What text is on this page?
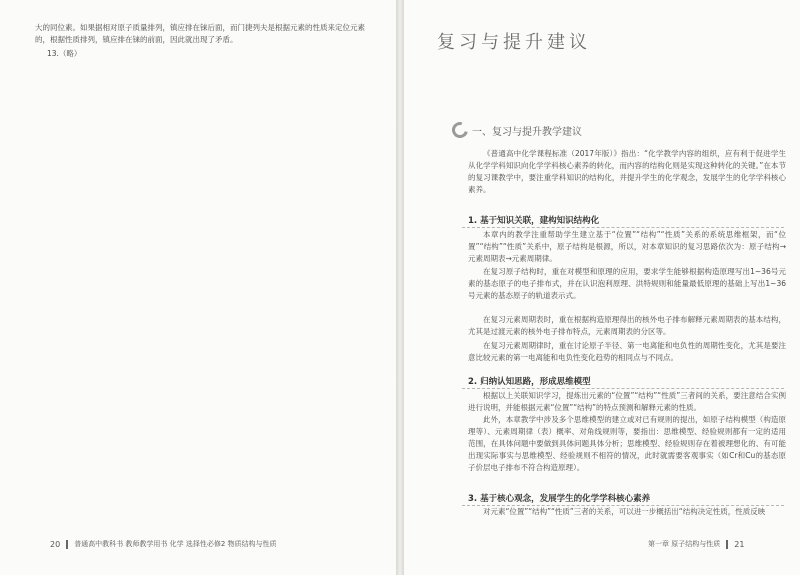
大的同位素。如果据相对原子质量排列，镇应排在铼后面，而门捷列夫是根据元素的性质来定位元素的，根据性质排列，镇应排在铼的前面，因此就出现了矛盾。

13.（略）

20 普通高中教科书 教师教学用书 化学 选择性必修2 物质结构与性质
复习与提升建议
一、复习与提升教学建议

《普通高中化学课程标准（2017年版）》指出：“化学教学内容的组织，应有利于促进学生从化学学科知识向化学学科核心素养的转化，而内容的结构化则是实现这种转化的关键。”在本节的复习课教学中，要注重学科知识的结构化，并提升学生的化学观念，发展学生的化学学科核心素养。

1. 基于知识关联，建构知识结构化

本章内的教学注重帮助学生建立基于“位置”“结构”“性质”关系的系统思维框架，而“位置”“结构”“性质”关系中，原子结构是根源，所以，对本章知识的复习思路依次为：原子结构→元素周期表→元素周期律。

在复习原子结构时，重在对模型和原理的应用，要求学生能够根据构造原理写出1~36号元素的基态原子的电子排布式，并在认识泡利原理、洪特规则和能量最低原理的基础上写出1~36号元素的基态原子的轨道表示式。

在复习元素周期表时，重在根据构造原理得出的核外电子排布解释元素周期表的基本结构，尤其是过渡元素的核外电子排布特点，元素周期表的分区等。

在复习元素周期律时，重在讨论原子半径、第一电离能和电负性的周期性变化，尤其是要注意比较元素的第一电离能和电负性变化趋势的相同点与不同点。

2. 归纳认知思路，形成思维模型

根据以上关联知识学习，提炼出元素的“位置”“结构”“性质”三者间的关系，要注意结合实例进行说明，并能根据元素“位置”“结构”的特点预测和解释元素的性质。

此外，本章教学中涉及多个思维模型的建立或对已有规则的提出，如原子结构模型（构造原理等）、元素周期律（表）概率、对角线规则等，要指出：思维模型、经验规则都有一定的适用范围，在具体问题中要做到具体问题具体分析；思维模型、经验规则存在着被理想化的、有可能出现实际事实与思维模型、经验规则不相符的情况，此时就需要客观事实（如Cr和Cu的基态原子价层电子排布不符合构造原理）。

3. 基于核心观念，发展学生的化学学科核心素养

对元素“位置”“结构”“性质”三者的关系，可以进一步概括出“结构决定性质，性质反映

第一章 原子结构与性质 21
